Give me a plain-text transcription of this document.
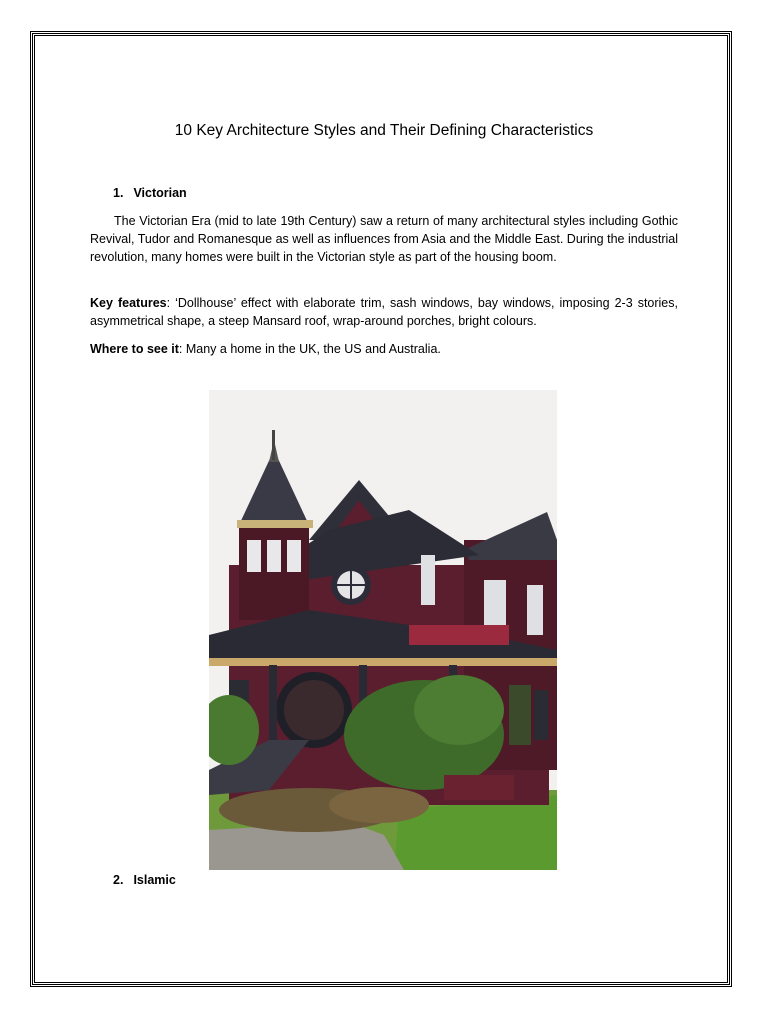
10 Key Architecture Styles and Their Defining Characteristics
1. Victorian

The Victorian Era (mid to late 19th Century) saw a return of many architectural styles including Gothic Revival, Tudor and Romanesque as well as influences from Asia and the Middle East. During the industrial revolution, many homes were built in the Victorian style as part of the housing boom.

Key features: ‘Dollhouse’ effect with elaborate trim, sash windows, bay windows, imposing 2-3 stories, asymmetrical shape, a steep Mansard roof, wrap-around porches, bright colours.

Where to see it: Many a home in the UK, the US and Australia.

2. Islamic
